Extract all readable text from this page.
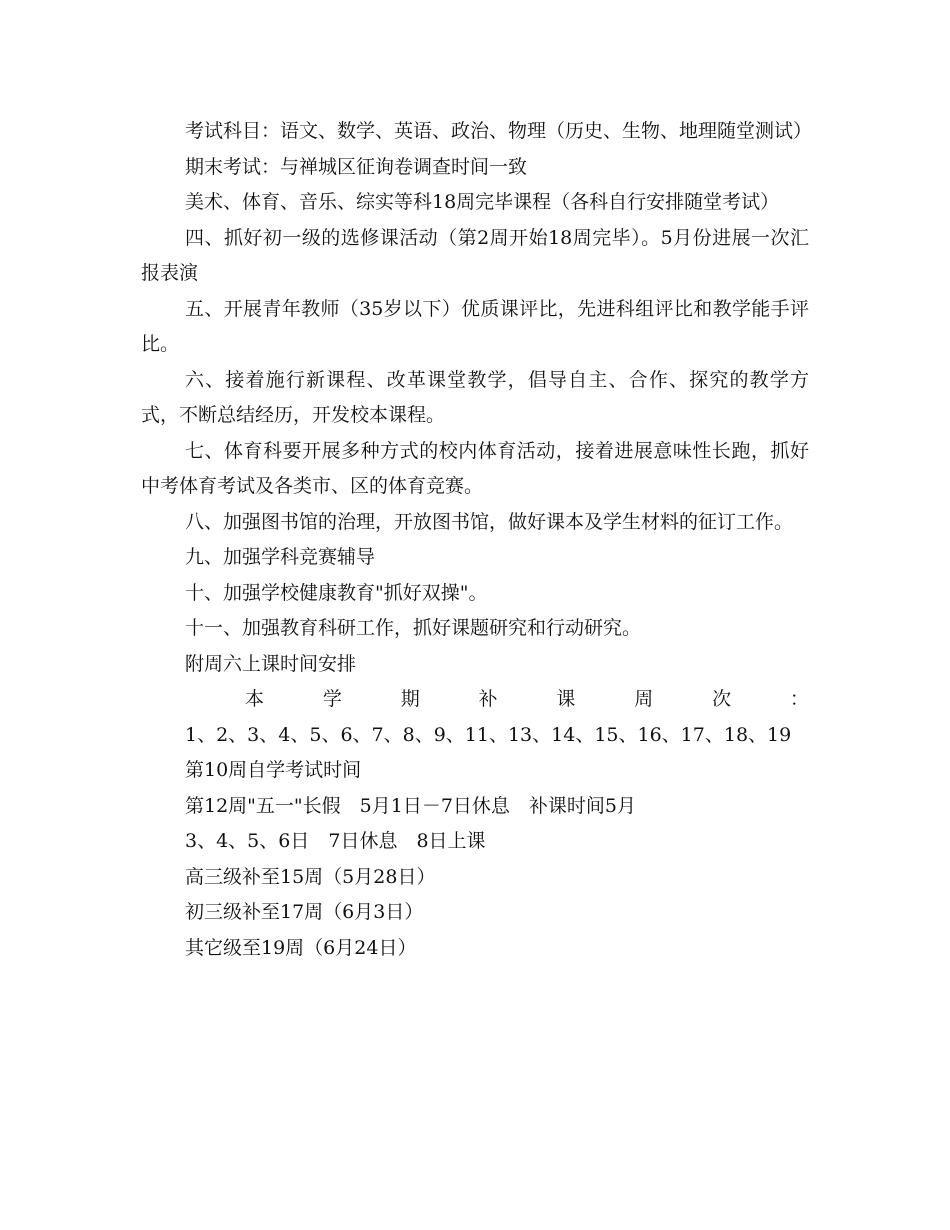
考试科目：语文、数学、英语、政治、物理（历史、生物、地理随堂测试）

期末考试：与禅城区征询卷调查时间一致

美术、体育、音乐、综实等科18周完毕课程（各科自行安排随堂考试）

四、抓好初一级的选修课活动（第2周开始18周完毕）。5月份进展一次汇报表演

五、开展青年教师（35岁以下）优质课评比，先进科组评比和教学能手评比。

六、接着施行新课程、改革课堂教学，倡导自主、合作、探究的教学方式，不断总结经历，开发校本课程。

七、体育科要开展多种方式的校内体育活动，接着进展意味性长跑，抓好中考体育考试及各类市、区的体育竞赛。

八、加强图书馆的治理，开放图书馆，做好课本及学生材料的征订工作。

九、加强学科竞赛辅导

十、加强学校健康教育"抓好双操"。

十一、加强教育科研工作，抓好课题研究和行动研究。

附周六上课时间安排

本	学	期	补	课	周	次	：

1、2、3、4、5、6、7、8、9、11、13、14、15、16、17、18、19

第10周自学考试时间

第12周"五一"长假　5月1日－7日休息　补课时间5月

3、4、5、6日　7日休息　8日上课

高三级补至15周（5月28日）

初三级补至17周（6月3日）

其它级至19周（6月24日）
